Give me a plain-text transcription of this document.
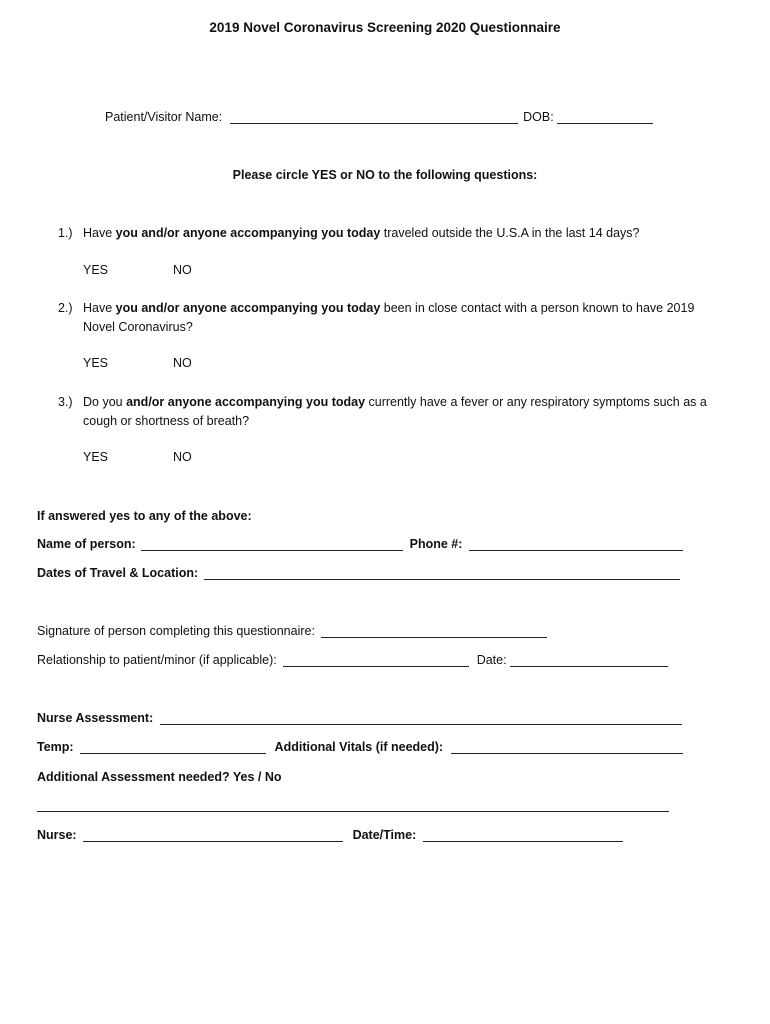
2019 Novel Coronavirus Screening 2020 Questionnaire
Patient/Visitor Name:	DOB:
Please circle YES or NO to the following questions:
1.) Have you and/or anyone accompanying you today traveled outside the U.S.A in the last 14 days?
YES	NO
2.) Have you and/or anyone accompanying you today been in close contact with a person known to have 2019 Novel Coronavirus?
YES	NO
3.) Do you and/or anyone accompanying you today currently have a fever or any respiratory symptoms such as a cough or shortness of breath?
YES	NO
If answered yes to any of the above:
Name of person:	Phone #:
Dates of Travel & Location:
Signature of person completing this questionnaire:
Relationship to patient/minor (if applicable):	Date:
Nurse Assessment:
Temp:	Additional Vitals (if needed):
Additional Assessment needed? Yes / No
Nurse:	Date/Time:
